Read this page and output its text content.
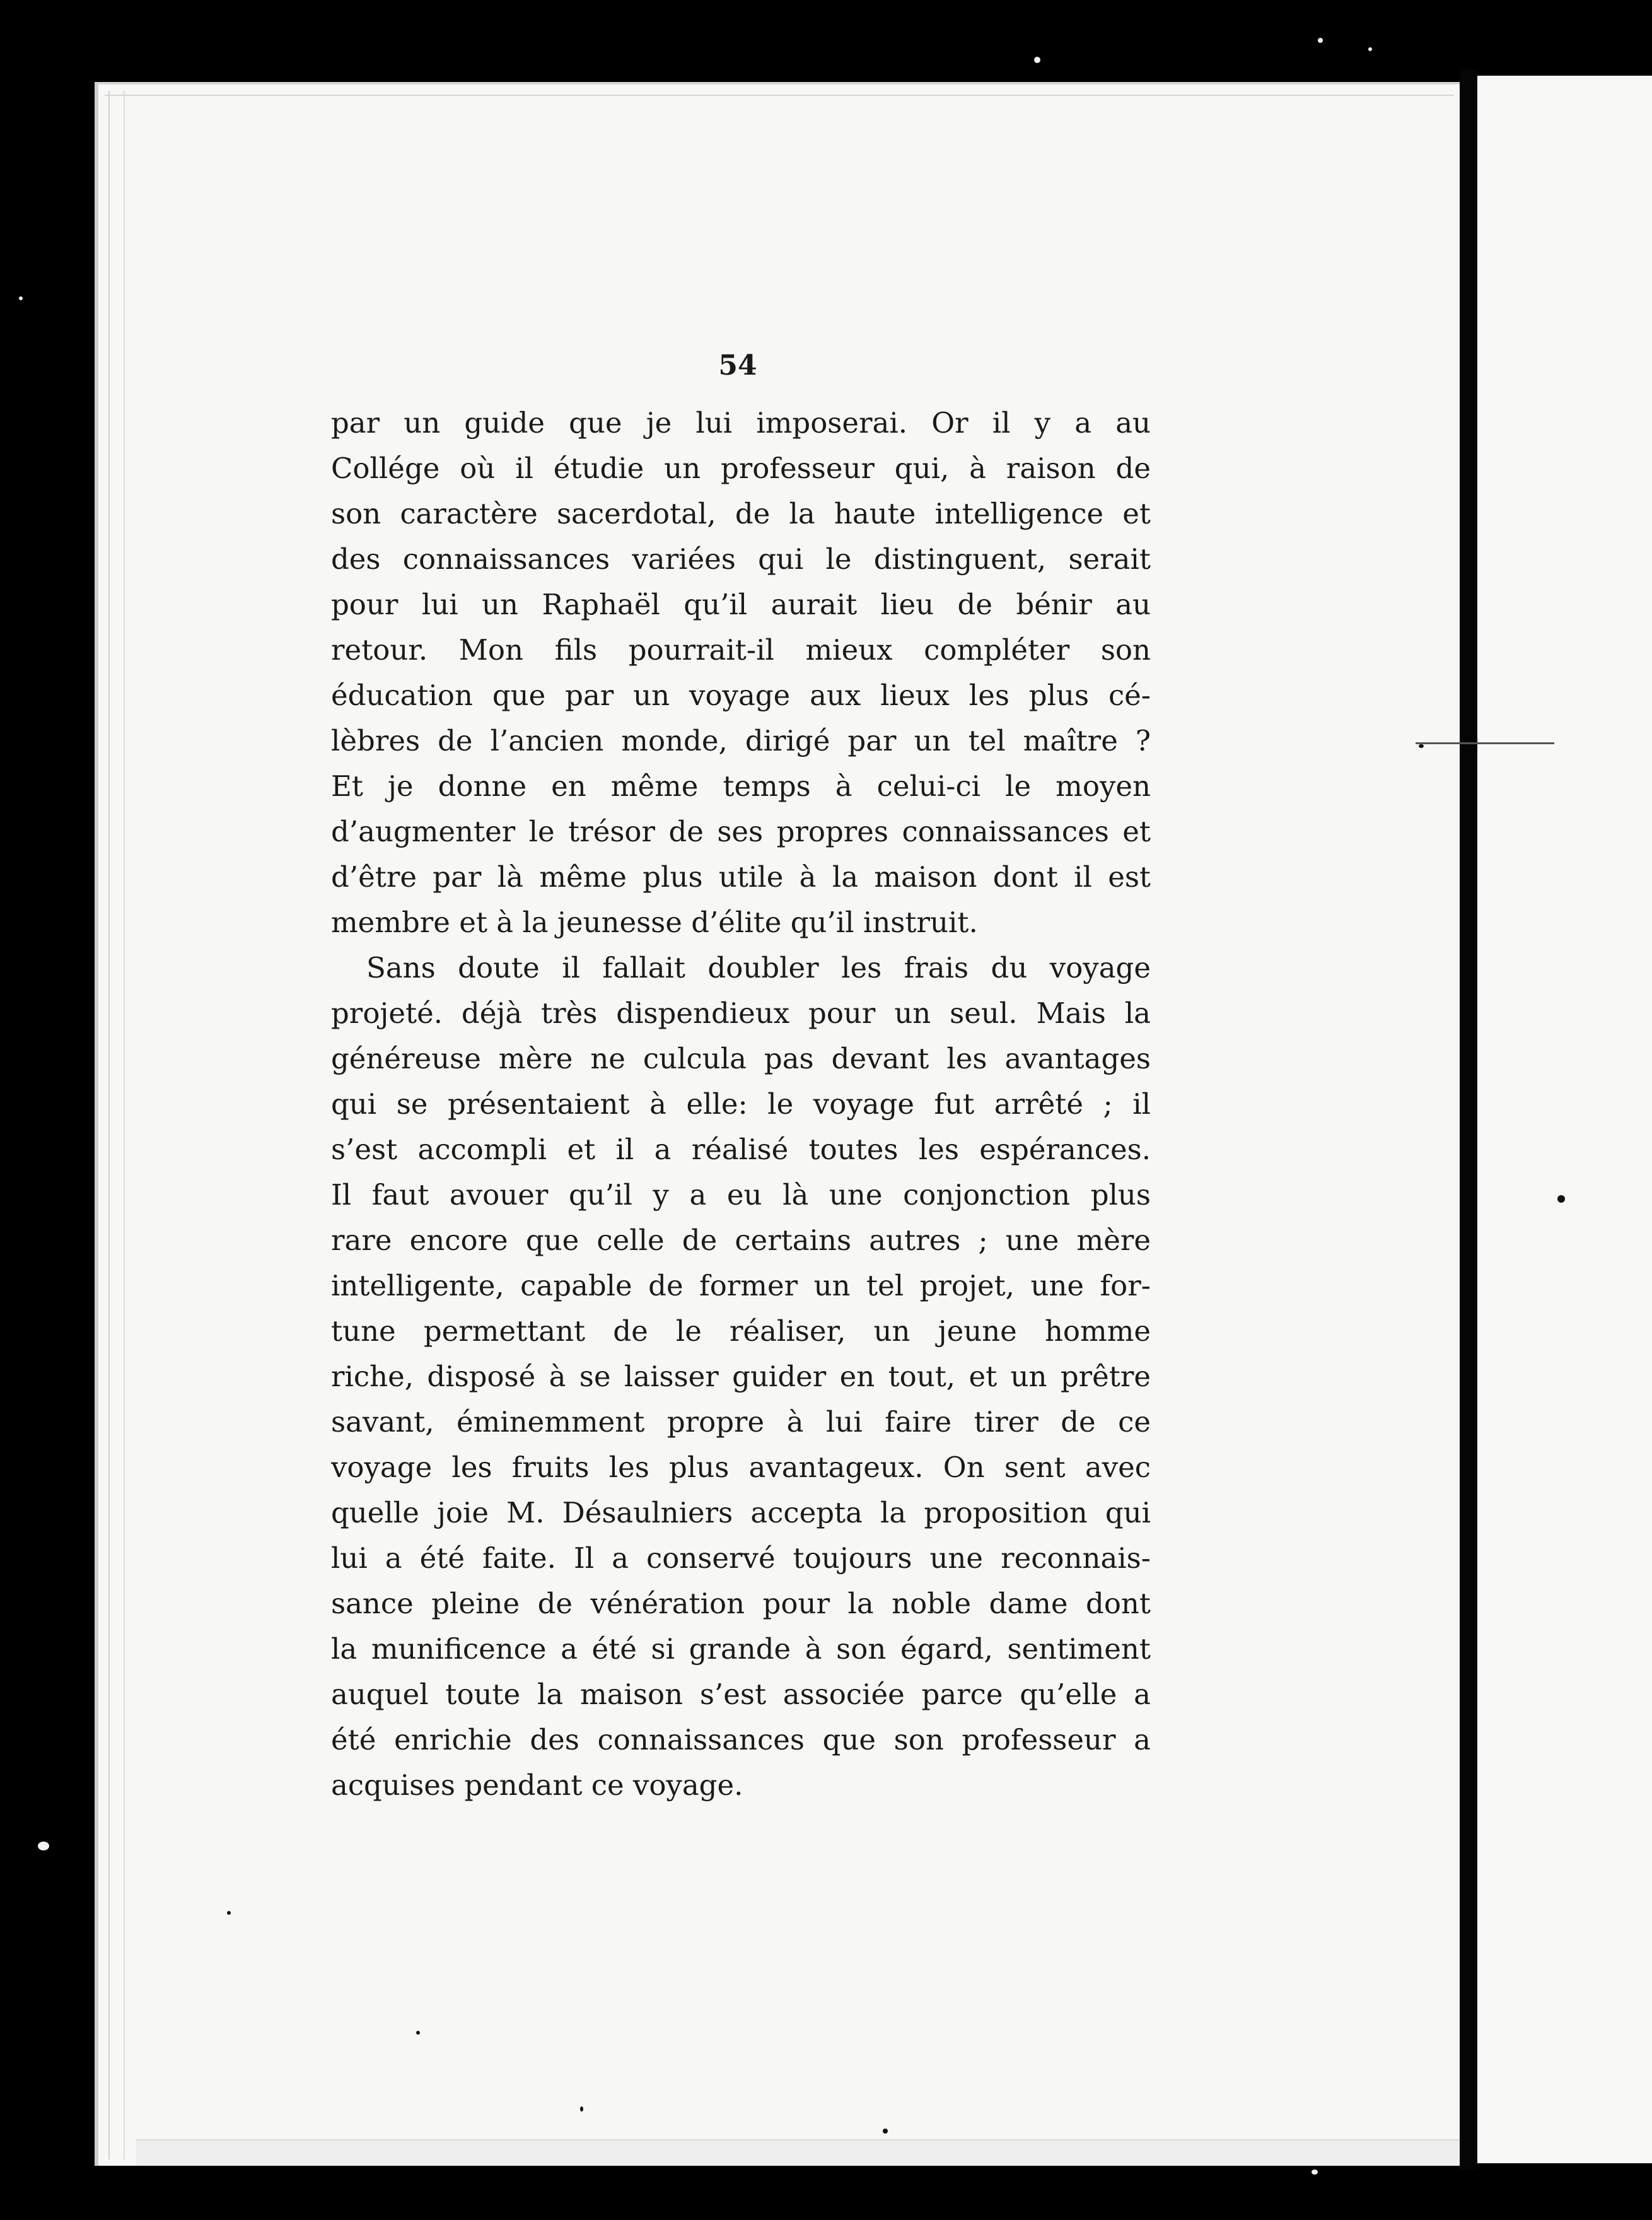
54
par un guide que je lui imposerai. Or il y a au
Collége où il étudie un professeur qui, à raison de
son caractère sacerdotal, de la haute intelligence et
des connaissances variées qui le distinguent, serait
pour lui un Raphaël qu’il aurait lieu de bénir au
retour. Mon fils pourrait-il mieux compléter son
éducation que par un voyage aux lieux les plus cé-
lèbres de l’ancien monde, dirigé par un tel maître ?
Et je donne en même temps à celui-ci le moyen
d’augmenter le trésor de ses propres connaissances et
d’être par là même plus utile à la maison dont il est
membre et à la jeunesse d’élite qu’il instruit.
Sans doute il fallait doubler les frais du voyage
projeté. déjà très dispendieux pour un seul. Mais la
généreuse mère ne culcula pas devant les avantages
qui se présentaient à elle: le voyage fut arrêté ; il
s’est accompli et il a réalisé toutes les espérances.
Il faut avouer qu’il y a eu là une conjonction plus
rare encore que celle de certains autres ; une mère
intelligente, capable de former un tel projet, une for-
tune permettant de le réaliser, un jeune homme
riche, disposé à se laisser guider en tout, et un prêtre
savant, éminemment propre à lui faire tirer de ce
voyage les fruits les plus avantageux. On sent avec
quelle joie M. Désaulniers accepta la proposition qui
lui a été faite. Il a conservé toujours une reconnais-
sance pleine de vénération pour la noble dame dont
la munificence a été si grande à son égard, sentiment
auquel toute la maison s’est associée parce qu’elle a
été enrichie des connaissances que son professeur a
acquises pendant ce voyage.
